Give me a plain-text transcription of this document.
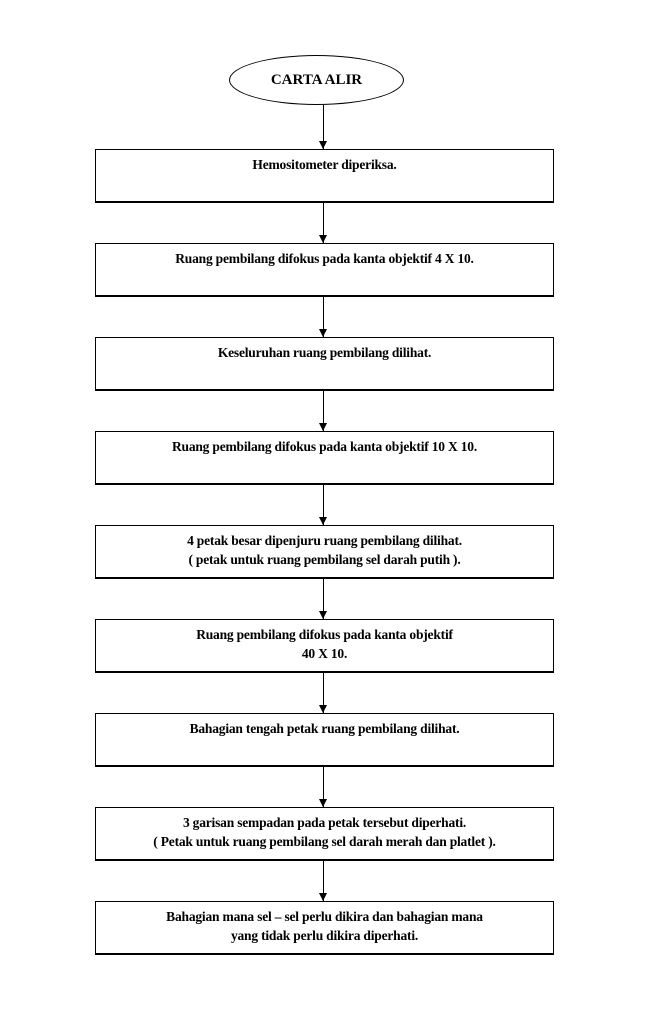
CARTA ALIR
Hemositometer diperiksa.
Ruang pembilang difokus pada kanta objektif 4 X 10.
Keseluruhan ruang pembilang dilihat.
Ruang pembilang difokus pada kanta objektif 10 X 10.
4 petak besar dipenjuru ruang pembilang dilihat.
( petak untuk ruang pembilang sel darah putih ).
Ruang pembilang difokus pada kanta objektif
40 X 10.
Bahagian tengah petak ruang pembilang dilihat.
3 garisan sempadan pada petak tersebut diperhati.
( Petak untuk ruang pembilang sel darah merah dan platlet ).
Bahagian mana sel – sel perlu dikira dan bahagian mana
yang tidak perlu dikira diperhati.
